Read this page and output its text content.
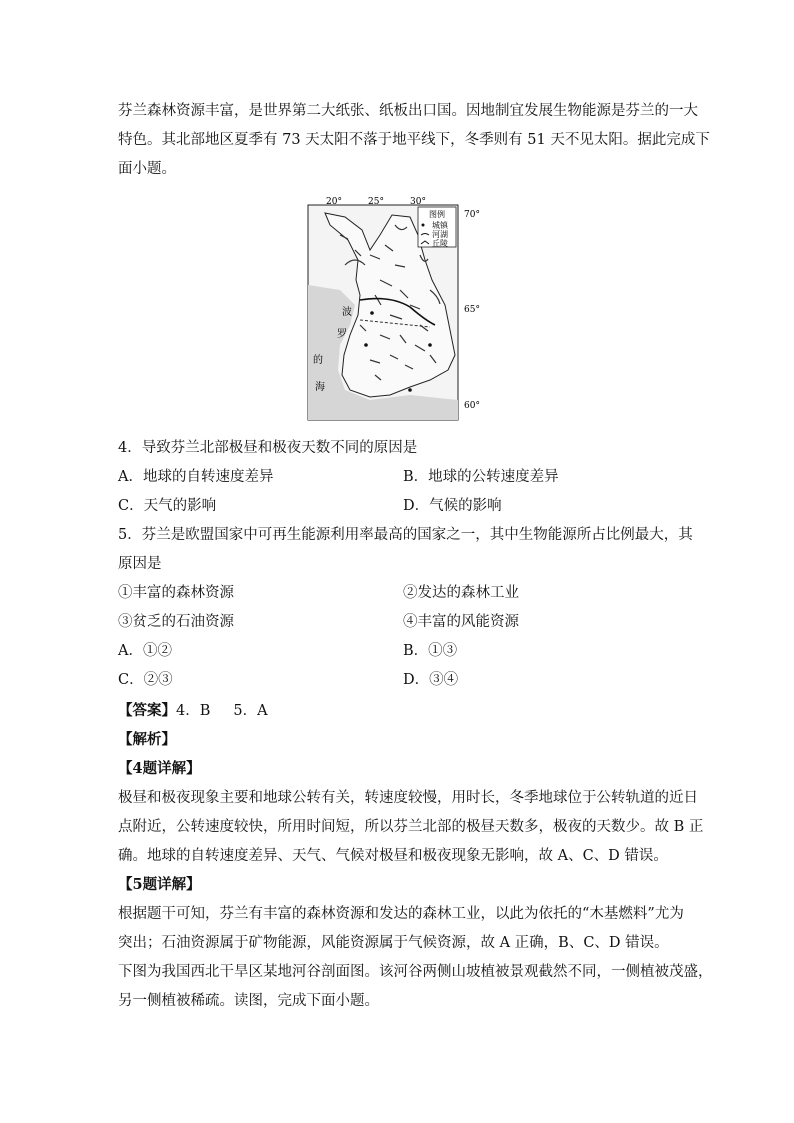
芬兰森林资源丰富，是世界第二大纸张、纸板出口国。因地制宜发展生物能源是芬兰的一大
特色。其北部地区夏季有 73 天太阳不落于地平线下，冬季则有 51 天不见太阳。据此完成下
面小题。
图例
城镇
河湖
丘陵
20°	25°	30°
70°
65°
60°
波
罗
的
海
4．导致芬兰北部极昼和极夜天数不同的原因是
A．地球的自转速度差异	B．地球的公转速度差异
C．天气的影响	D．气候的影响
5．芬兰是欧盟国家中可再生能源利用率最高的国家之一，其中生物能源所占比例最大，其
原因是
①丰富的森林资源	②发达的森林工业
③贫乏的石油资源	④丰富的风能资源
A．①②	B．①③
C．②③	D．③④
【答案】4．B     5．A
【解析】
【4题详解】
极昼和极夜现象主要和地球公转有关，转速度较慢，用时长，冬季地球位于公转轨道的近日
点附近，公转速度较快，所用时间短，所以芬兰北部的极昼天数多，极夜的天数少。故 B 正
确。地球的自转速度差异、天气、气候对极昼和极夜现象无影响，故 A、C、D 错误。
【5题详解】
根据题干可知，芬兰有丰富的森林资源和发达的森林工业，以此为依托的“木基燃料”尤为
突出；石油资源属于矿物能源，风能资源属于气候资源，故 A 正确，B、C、D 错误。
下图为我国西北干旱区某地河谷剖面图。该河谷两侧山坡植被景观截然不同，一侧植被茂盛，
另一侧植被稀疏。读图，完成下面小题。
